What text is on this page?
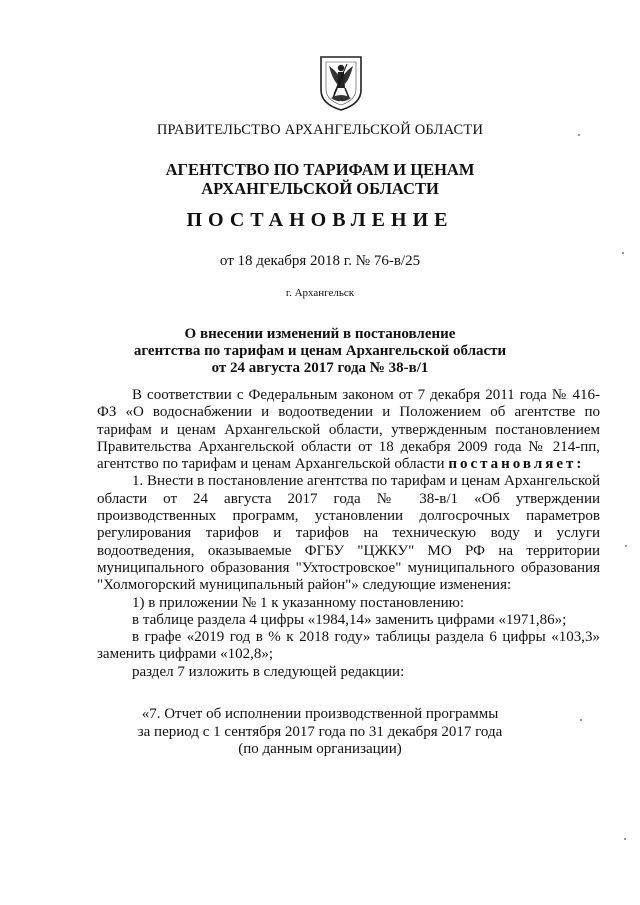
ПРАВИТЕЛЬСТВО АРХАНГЕЛЬСКОЙ ОБЛАСТИ
АГЕНТСТВО ПО ТАРИФАМ И ЦЕНАМ
АРХАНГЕЛЬСКОЙ ОБЛАСТИ
ПОСТАНОВЛЕНИЕ
от 18 декабря 2018 г. № 76-в/25
г. Архангельск
О внесении изменений в постановление
агентства по тарифам и ценам Архангельской области
от 24 августа 2017 года № 38-в/1

В соответствии с Федеральным законом от 7 декабря 2011 года № 416-ФЗ «О водоснабжении и водоотведении и Положением об агентстве по тарифам и ценам Архангельской области, утвержденным постановлением Правительства Архангельской области от 18 декабря 2009 года № 214-пп, агентство по тарифам и ценам Архангельской области постановляет:

1. Внести в постановление агентства по тарифам и ценам Архангельской области от 24 августа 2017 года № 38-в/1 «Об утверждении производственных программ, установлении долгосрочных параметров регулирования тарифов и тарифов на техническую воду и услуги водоотведения, оказываемые ФГБУ "ЦЖКУ" МО РФ на территории муниципального образования "Ухтостровское" муниципального образования "Холмогорский муниципальный район"» следующие изменения:

1) в приложении № 1 к указанному постановлению:

в таблице раздела 4 цифры «1984,14» заменить цифрами «1971,86»;

в графе «2019 год в % к 2018 году» таблицы раздела 6 цифры «103,3» заменить цифрами «102,8»;

раздел 7 изложить в следующей редакции:

«7. Отчет об исполнении производственной программы
за период с 1 сентября 2017 года по 31 декабря 2017 года
(по данным организации)
